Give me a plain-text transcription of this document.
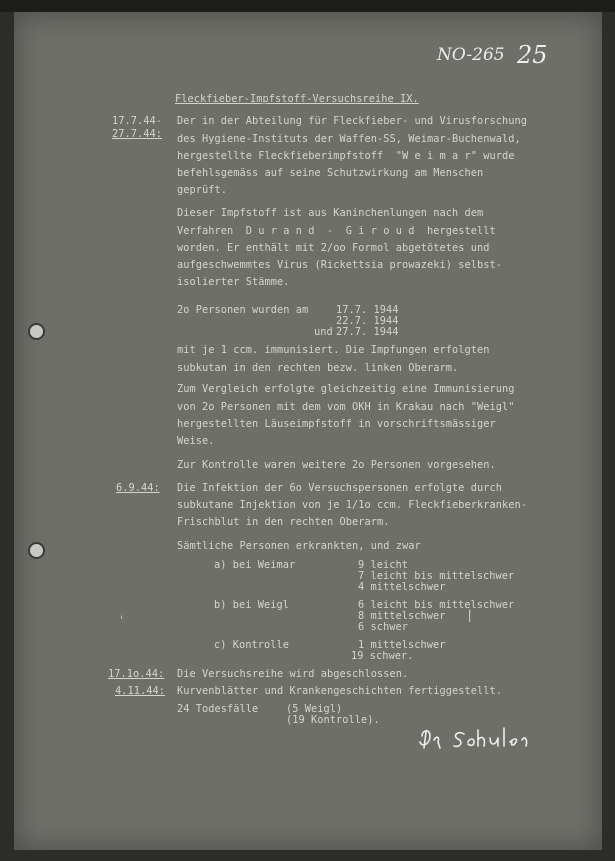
NO-265 25
Fleckfieber-Impfstoff-Versuchsreihe IX.
17.7.44-
27.7.44:
Der in der Abteilung für Fleckfieber- und Virusforschung
des Hygiene-Instituts der Waffen-SS, Weimar-Buchenwald,
hergestellte Fleckfieberimpfstoff  "W e i m a r" wurde
befehlsgemäss auf seine Schutzwirkung am Menschen
geprüft.
Dieser Impfstoff ist aus Kaninchenlungen nach dem
Verfahren  D u r a n d  -  G i r o u d  hergestellt
worden. Er enthält mit 2/oo Formol abgetötetes und
aufgeschwemmtes Virus (Rickettsia prowazeki) selbst-
isolierter Stämme.
2o Personen wurden am	17.7. 1944
22.7. 1944
und 27.7. 1944
mit je 1 ccm. immunisiert. Die Impfungen erfolgten
subkutan in den rechten bezw. linken Oberarm.
Zum Vergleich erfolgte gleichzeitig eine Immunisierung
von 2o Personen mit dem vom OKH in Krakau nach "Weigl"
hergestellten Läuseimpfstoff in vorschriftsmässiger
Weise.
Zur Kontrolle waren weitere 2o Personen vorgesehen.
6.9.44: Die Infektion der 6o Versuchspersonen erfolgte durch
subkutane Injektion von je 1/1o ccm. Fleckfieberkranken-
Frischblut in den rechten Oberarm.
Sämtliche Personen erkrankten, und zwar
a) bei Weimar	9 leicht
7 leicht bis mittelschwer
4 mittelschwer
b) bei Weigl	6 leicht bis mittelschwer
8 mittelschwer
6 schwer
c) Kontrolle	1 mittelschwer
19 schwer.
ˈ	|
17.1o.44: Die Versuchsreihe wird abgeschlossen.
4.11.44: Kurvenblätter und Krankengeschichten fertiggestellt.
24 Todesfälle	(5 Weigl)
(19 Kontrolle).
